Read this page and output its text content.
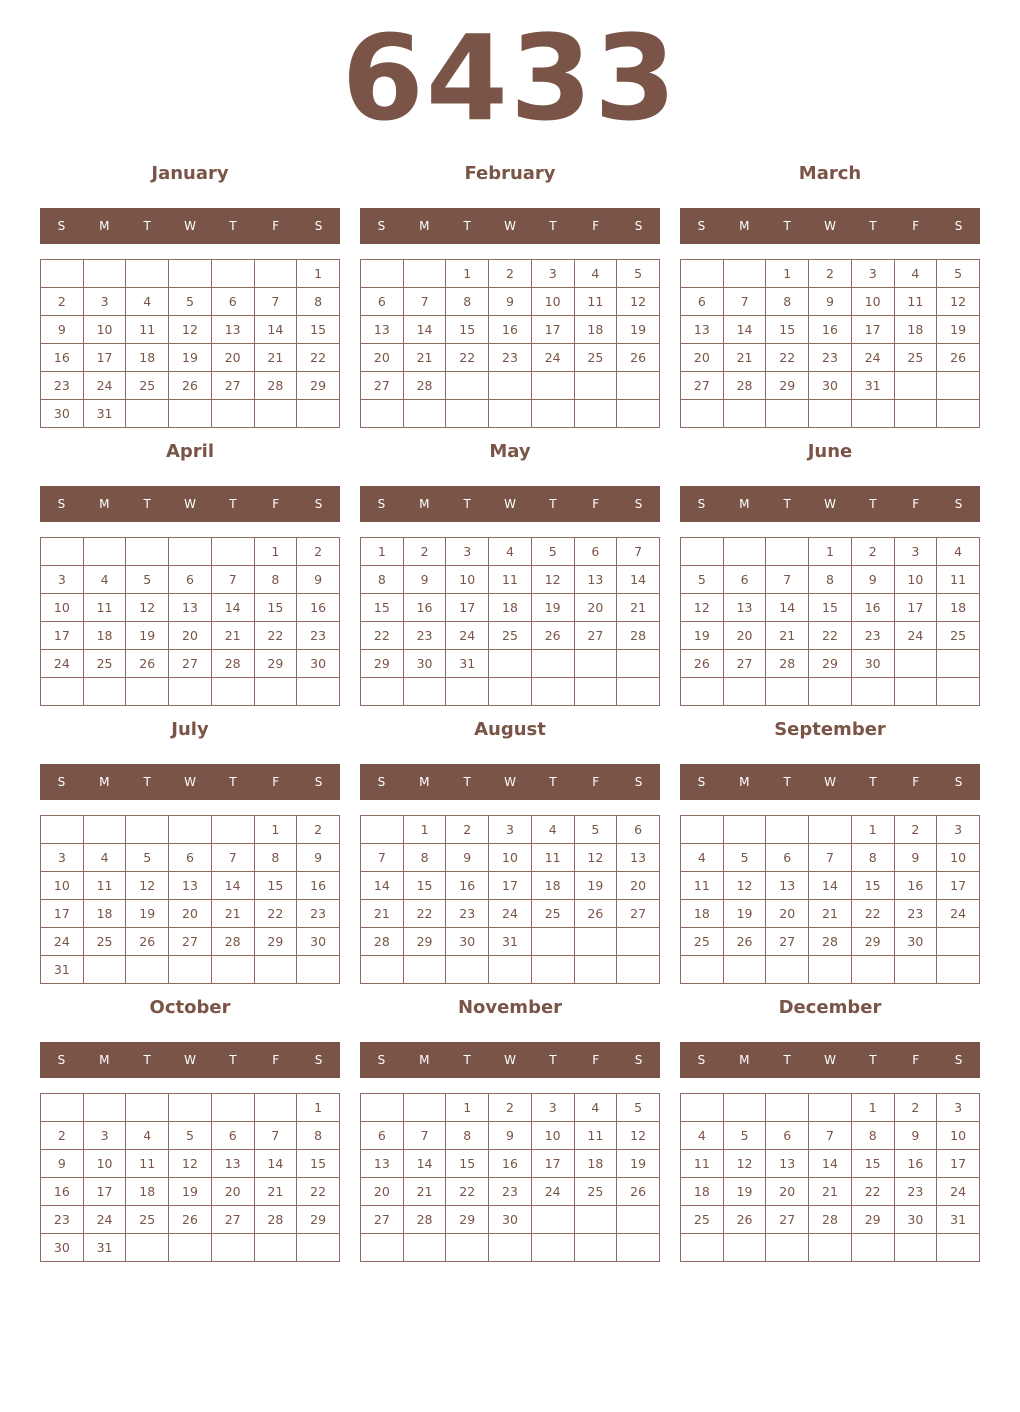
6433
January
S	M	T	W	T	F	S
						1
2	3	4	5	6	7	8
9	10	11	12	13	14	15
16	17	18	19	20	21	22
23	24	25	26	27	28	29
30	31					
February
S	M	T	W	T	F	S
		1	2	3	4	5
6	7	8	9	10	11	12
13	14	15	16	17	18	19
20	21	22	23	24	25	26
27	28					

March
S	M	T	W	T	F	S
		1	2	3	4	5
6	7	8	9	10	11	12
13	14	15	16	17	18	19
20	21	22	23	24	25	26
27	28	29	30	31		

April
S	M	T	W	T	F	S
					1	2
3	4	5	6	7	8	9
10	11	12	13	14	15	16
17	18	19	20	21	22	23
24	25	26	27	28	29	30

May
S	M	T	W	T	F	S
1	2	3	4	5	6	7
8	9	10	11	12	13	14
15	16	17	18	19	20	21
22	23	24	25	26	27	28
29	30	31				

June
S	M	T	W	T	F	S
			1	2	3	4
5	6	7	8	9	10	11
12	13	14	15	16	17	18
19	20	21	22	23	24	25
26	27	28	29	30		

July
S	M	T	W	T	F	S
					1	2
3	4	5	6	7	8	9
10	11	12	13	14	15	16
17	18	19	20	21	22	23
24	25	26	27	28	29	30
31						
August
S	M	T	W	T	F	S
	1	2	3	4	5	6
7	8	9	10	11	12	13
14	15	16	17	18	19	20
21	22	23	24	25	26	27
28	29	30	31			

September
S	M	T	W	T	F	S
				1	2	3
4	5	6	7	8	9	10
11	12	13	14	15	16	17
18	19	20	21	22	23	24
25	26	27	28	29	30	

October
S	M	T	W	T	F	S
						1
2	3	4	5	6	7	8
9	10	11	12	13	14	15
16	17	18	19	20	21	22
23	24	25	26	27	28	29
30	31					
November
S	M	T	W	T	F	S
		1	2	3	4	5
6	7	8	9	10	11	12
13	14	15	16	17	18	19
20	21	22	23	24	25	26
27	28	29	30			

December
S	M	T	W	T	F	S
				1	2	3
4	5	6	7	8	9	10
11	12	13	14	15	16	17
18	19	20	21	22	23	24
25	26	27	28	29	30	31
